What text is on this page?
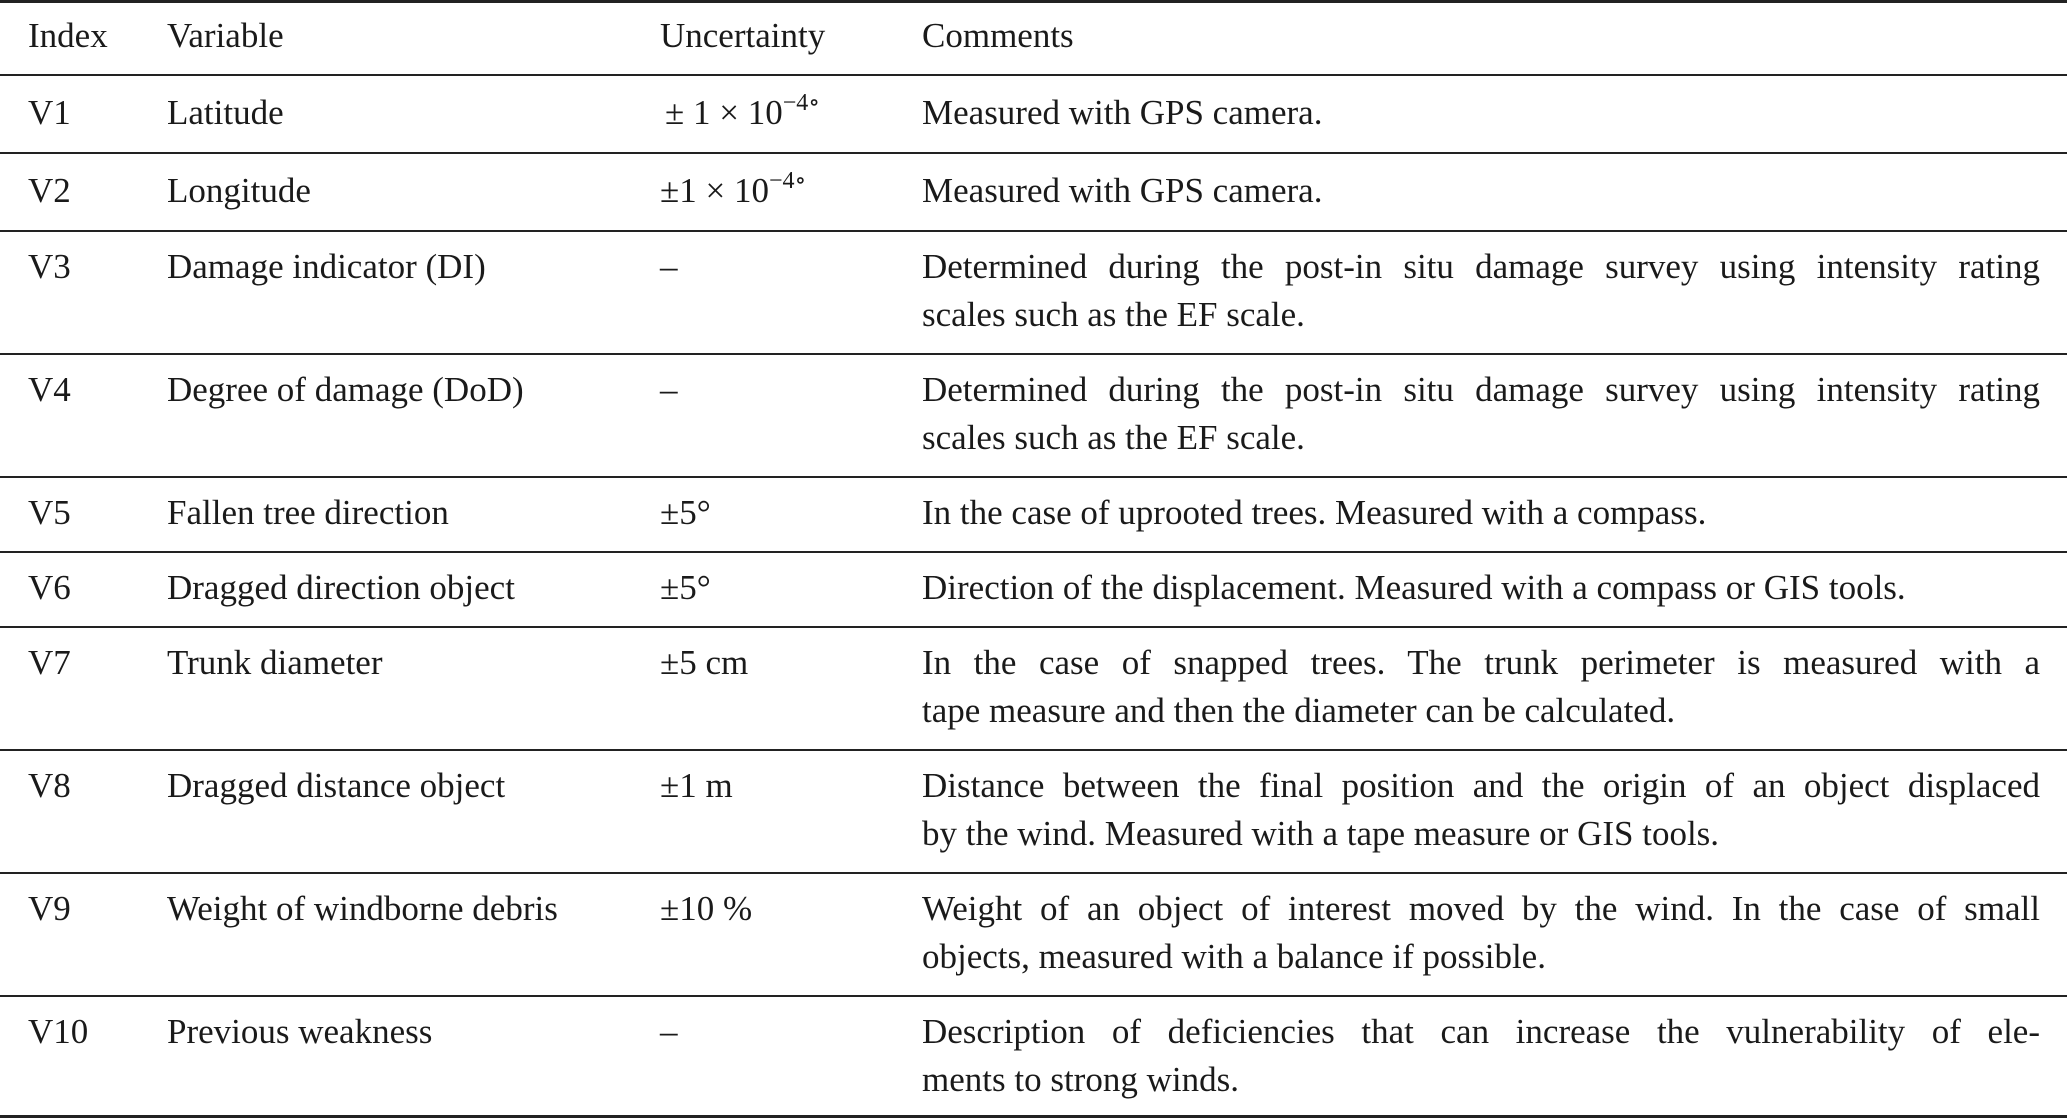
Index Variable	Uncertainty	Comments
V1	Latitude	± $1 \times 10^{-4\circ}$	Measured with GPS camera.
V2	Longitude	$\pm 1 \times 10^{-4\circ}$	Measured with GPS camera.
V3	Damage indicator (DI)	–	Determined during the post-in situ damage survey using intensity rating
scales such as the EF scale.
V4	Degree of damage (DoD)	–	Determined during the post-in situ damage survey using intensity rating
scales such as the EF scale.
V5	Fallen tree direction	±5°	In the case of uprooted trees. Measured with a compass.
V6	Dragged direction object	±5°	Direction of the displacement. Measured with a compass or GIS tools.
V7	Trunk diameter	±5 cm	In the case of snapped trees. The trunk perimeter is measured with a
tape measure and then the diameter can be calculated.
V8	Dragged distance object	±1 m	Distance between the final position and the origin of an object displaced
by the wind. Measured with a tape measure or GIS tools.
V9	Weight of windborne debris	±10 %	Weight of an object of interest moved by the wind. In the case of small
objects, measured with a balance if possible.
V10 Previous weakness	–	Description of deficiencies that can increase the vulnerability of ele-
ments to strong winds.
